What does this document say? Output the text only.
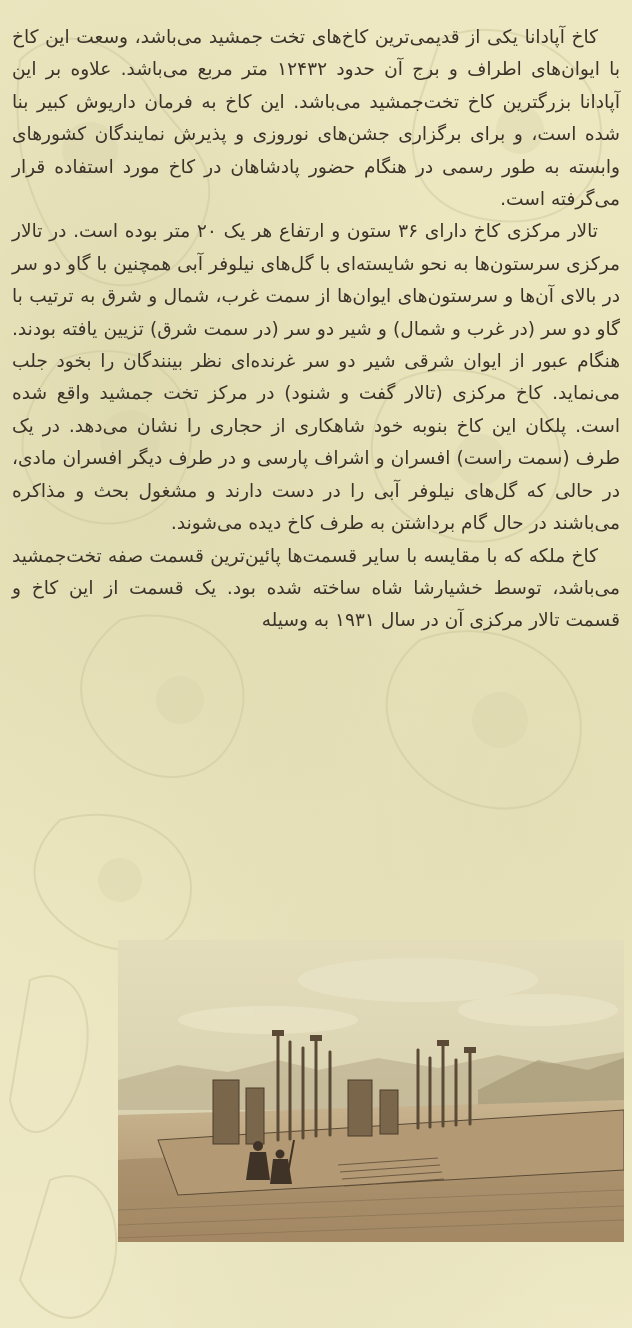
کاخ آپادانا یکی از قدیمی‌ترین کاخ‌های تخت جمشید می‌باشد، وسعت این کاخ با ایوان‌های اطراف و برج آن حدود ۱۲۴۳۲ متر مربع می‌باشد. علاوه بر این آپادانا بزرگترین کاخ تخت‌جمشید می‌باشد. این کاخ به فرمان داریوش کبیر بنا شده است، و برای برگزاری جشن‌های نوروزی و پذیرش نمایندگان کشورهای وابسته به طور رسمی در هنگام حضور پادشاهان در کاخ مورد استفاده قرار می‌گرفته است.

تالار مرکزی کاخ دارای ۳۶ ستون و ارتفاع هر یک ۲۰ متر بوده است. در تالار مرکزی سرستون‌ها به نحو شایسته‌ای با گل‌های نیلوفر آبی همچنین با گاو دو سر در بالای آن‌ها و سرستون‌های ایوان‌ها از سمت غرب، شمال و شرق به ترتیب با گاو دو سر (در غرب و شمال) و شیر دو سر (در سمت شرق) تزیین یافته بودند. هنگام عبور از ایوان شرقی شیر دو سر غرنده‌ای نظر بینندگان را بخود جلب می‌نماید. کاخ مرکزی (تالار گفت و شنود) در مرکز تخت جمشید واقع شده است. پلکان این کاخ بنوبه خود شاهکاری از حجاری را نشان می‌دهد. در یک طرف (سمت راست) افسران و اشراف پارسی و در طرف دیگر افسران مادی، در حالی که گل‌های نیلوفر آبی را در دست دارند و مشغول بحث و مذاکره می‌باشند در حال گام برداشتن به طرف کاخ دیده می‌شوند.

کاخ ملکه که با مقایسه با سایر قسمت‌ها پائین‌ترین قسمت صفه تخت‌جمشید می‌باشد، توسط خشیارشا شاه ساخته شده بود. یک قسمت از این کاخ و قسمت تالار مرکزی آن در سال ۱۹۳۱ به وسیله
